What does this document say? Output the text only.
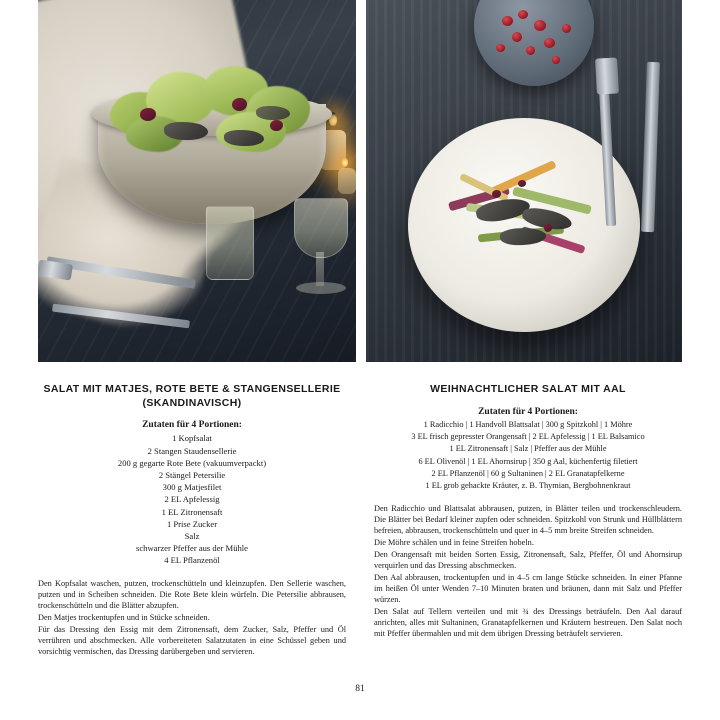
SALAT MIT MATJES, ROTE BETE & STANGENSELLERIE (SKANDINAVISCH)
Zutaten für 4 Portionen:
1 Kopfsalat
2 Stangen Staudensellerie
200 g gegarte Rote Bete (vakuumverpackt)
2 Stängel Petersilie
300 g Matjesfilet
2 EL Apfelessig
1 EL Zitronensaft
1 Prise Zucker
Salz
schwarzer Pfeffer aus der Mühle
4 EL Pflanzenöl

Den Kopfsalat waschen, putzen, trockenschütteln und kleinzupfen. Den Sellerie waschen, putzen und in Scheiben schneiden. Die Rote Bete klein würfeln. Die Petersilie abbrausen, trockenschütteln und die Blätter abzupfen.

Den Matjes trockentupfen und in Stücke schneiden.

Für das Dressing den Essig mit dem Zitronensaft, dem Zucker, Salz, Pfeffer und Öl verrühren und abschmecken. Alle vorbereiteten Salatzutaten in eine Schüssel geben und vorsichtig vermischen, das Dressing darübergeben und servieren.

WEIHNACHTLICHER SALAT MIT AAL
Zutaten für 4 Portionen:
1 Radicchio | 1 Handvoll Blattsalat | 300 g Spitzkohl | 1 Möhre
3 EL frisch gepresster Orangensaft | 2 EL Apfelessig | 1 EL Balsamico
1 EL Zitronensaft | Salz | Pfeffer aus der Mühle
6 EL Olivenöl | 1 EL Ahornsirup | 350 g Aal, küchenfertig filetiert
2 EL Pflanzenöl | 60 g Sultaninen | 2 EL Granatapfelkerne
1 EL grob gehackte Kräuter, z. B. Thymian, Bergbohnenkraut

Den Radicchio und Blattsalat abbrausen, putzen, in Blätter teilen und trockenschleudern. Die Blätter bei Bedarf kleiner zupfen oder schneiden. Spitzkohl von Strunk und Hüllblättern befreien, abbrausen, trockenschütteln und quer in 4–5 mm breite Streifen schneiden.

Die Möhre schälen und in feine Streifen hobeln.

Den Orangensaft mit beiden Sorten Essig, Zitronensaft, Salz, Pfeffer, Öl und Ahornsirup verquirlen und das Dressing abschmecken.

Den Aal abbrausen, trockentupfen und in 4–5 cm lange Stücke schneiden. In einer Pfanne im heißen Öl unter Wenden 7–10 Minuten braten und bräunen, dann mit Salz und Pfeffer würzen.

Den Salat auf Tellern verteilen und mit ¾ des Dressings beträufeln. Den Aal darauf anrichten, alles mit Sultaninen, Granatapfelkernen und Kräutern bestreuen. Den Salat noch mit Pfeffer übermahlen und mit dem übrigen Dressing beträufelt servieren.

81
